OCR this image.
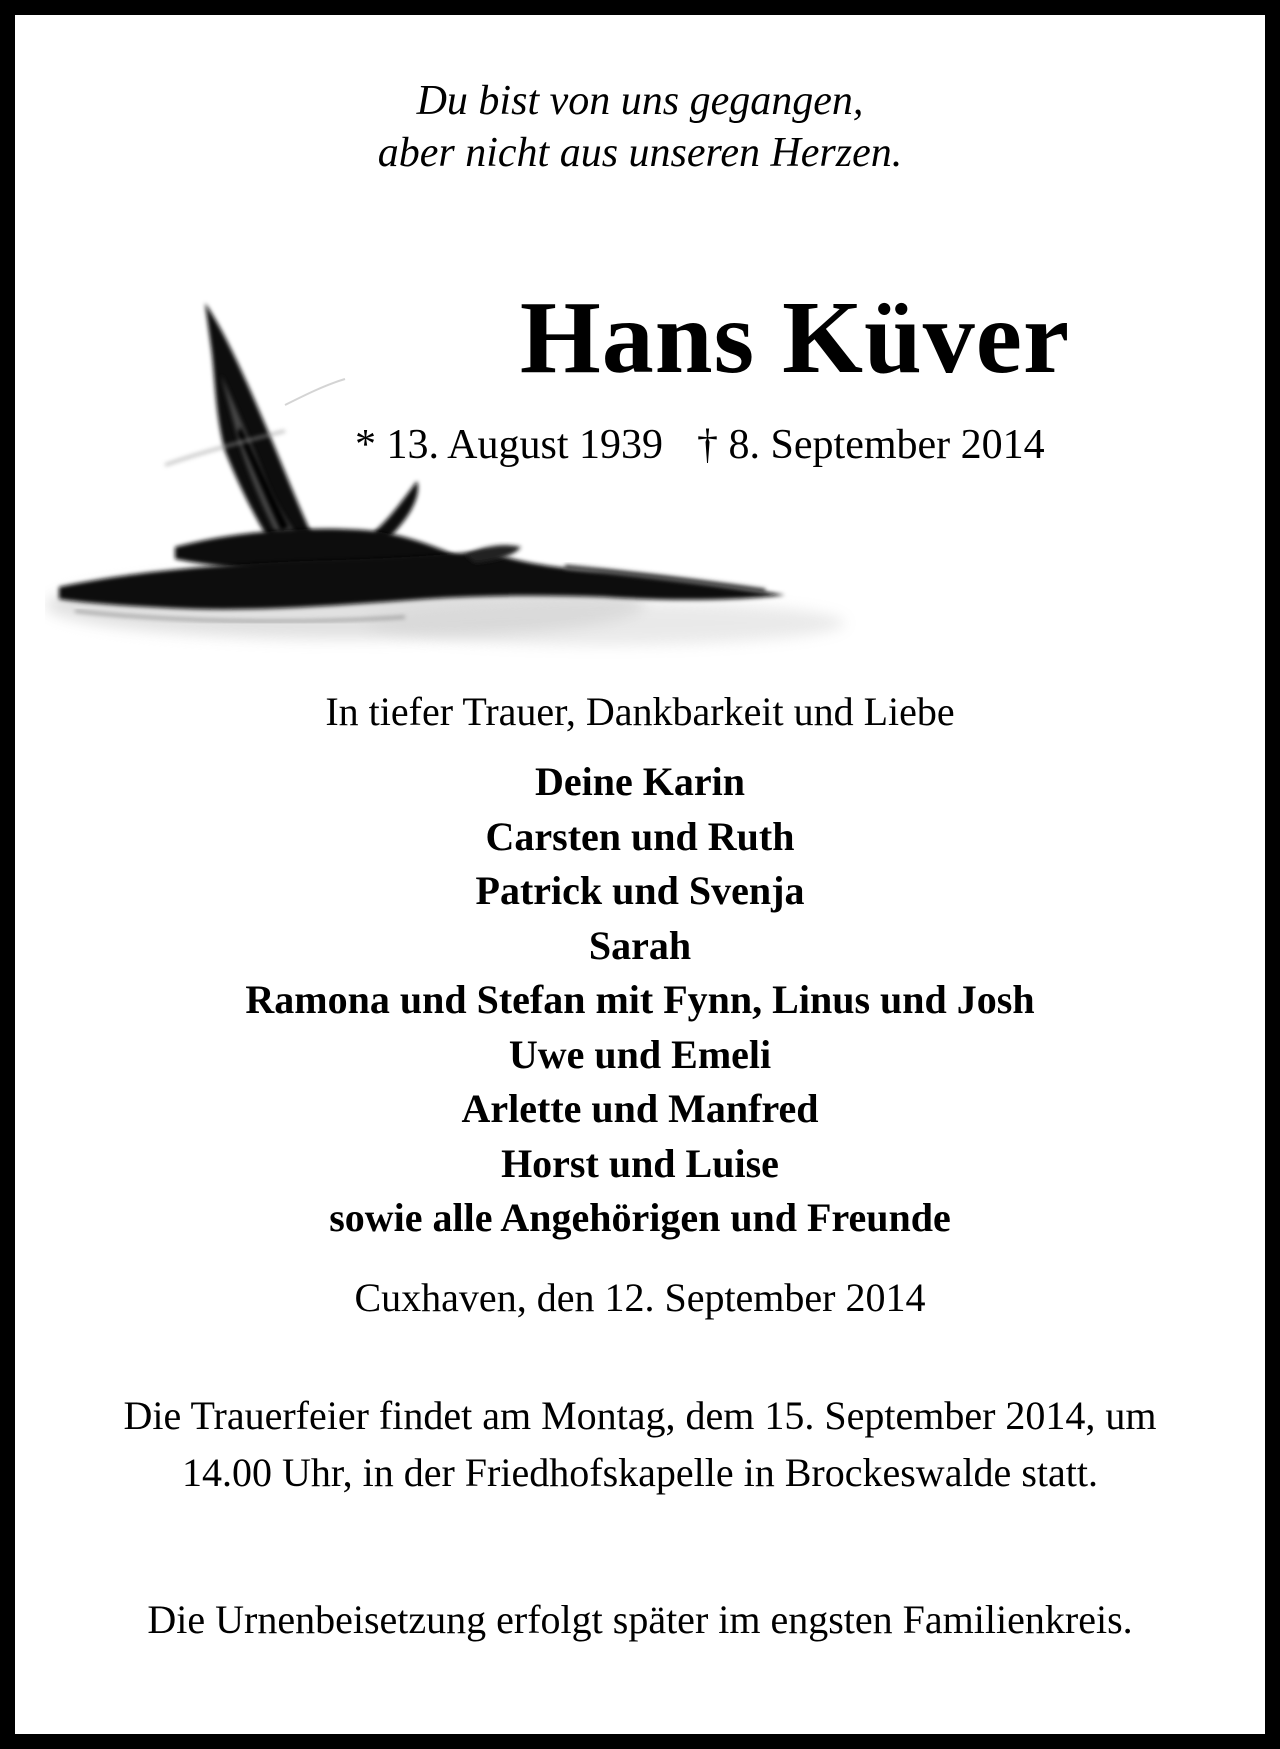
Du bist von uns gegangen,
aber nicht aus unseren Herzen.
Hans Küver
* 13. August 1939 † 8. September 2014
In tiefer Trauer, Dankbarkeit und Liebe
Deine Karin
Carsten und Ruth
Patrick und Svenja
Sarah
Ramona und Stefan mit Fynn, Linus und Josh
Uwe und Emeli
Arlette und Manfred
Horst und Luise
sowie alle Angehörigen und Freunde
Cuxhaven, den 12. September 2014
Die Trauerfeier findet am Montag, dem 15. September 2014, um 14.00 Uhr, in der Friedhofskapelle in Brockeswalde statt.
Die Urnenbeisetzung erfolgt später im engsten Familienkreis.
